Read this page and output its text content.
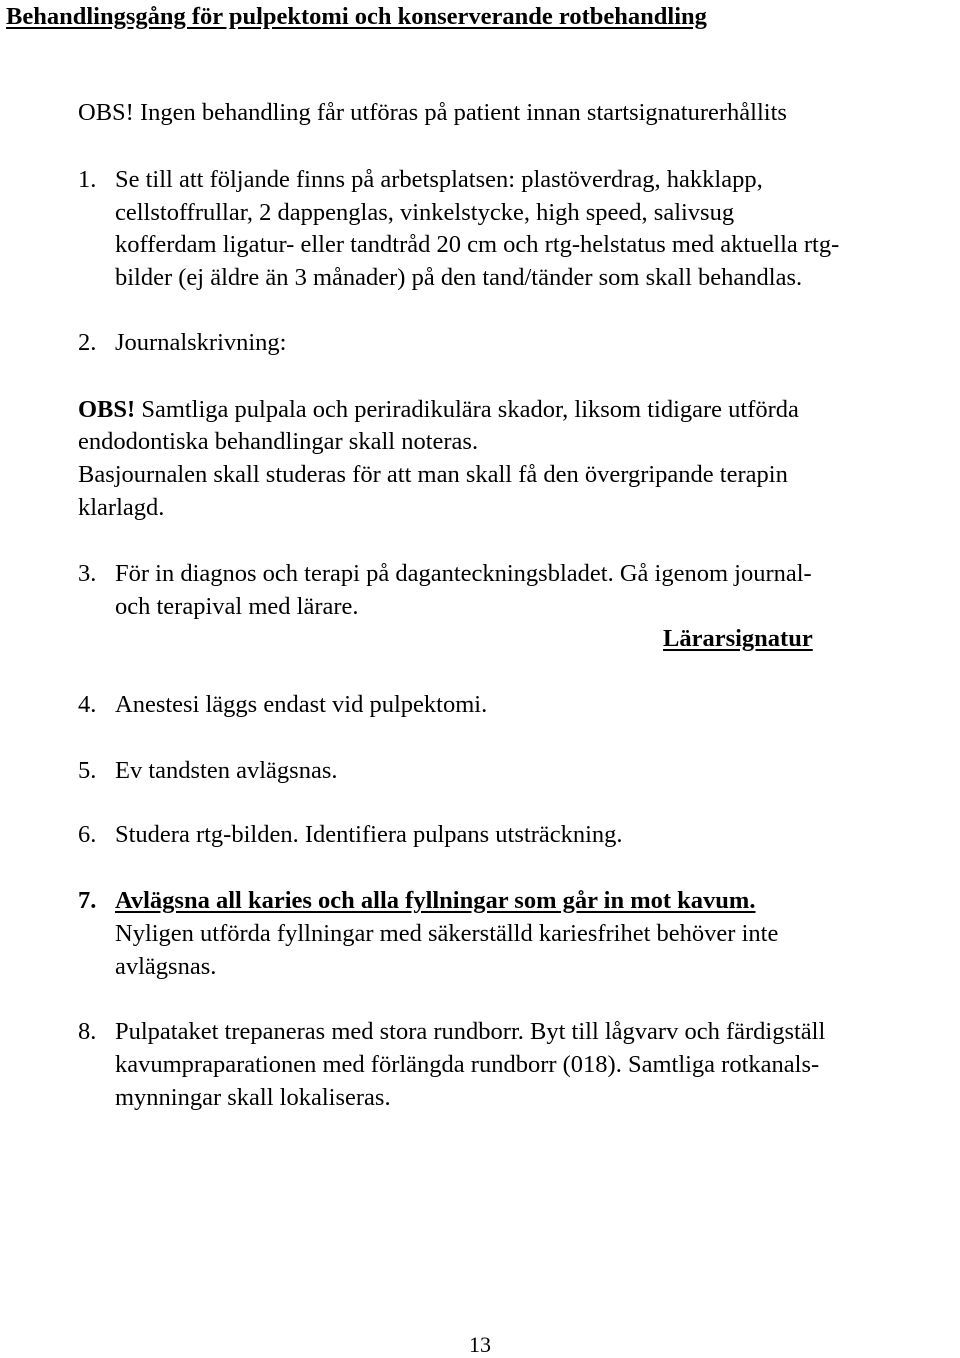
Behandlingsgång för pulpektomi och konserverande rotbehandling
OBS! Ingen behandling får utföras på patient innan startsignaturerhållits
1. Se till att följande finns på arbetsplatsen: plastöverdrag, hakklapp,
cellstoffrullar, 2 dappenglas, vinkelstycke, high speed, salivsug
kofferdam ligatur- eller tandtråd 20 cm och rtg-helstatus med aktuella rtg-
bilder (ej äldre än 3 månader) på den tand/tänder som skall behandlas.
2. Journalskrivning:
OBS! Samtliga pulpala och periradikulära skador, liksom tidigare utförda
endodontiska behandlingar skall noteras.
Basjournalen skall studeras för att man skall få den övergripande terapin
klarlagd.
3. För in diagnos och terapi på daganteckningsbladet. Gå igenom journal-
och terapival med lärare.
Lärarsignatur
4. Anestesi läggs endast vid pulpektomi.
5. Ev tandsten avlägsnas.
6. Studera rtg-bilden. Identifiera pulpans utsträckning.
7. Avlägsna all karies och alla fyllningar som går in mot kavum.
Nyligen utförda fyllningar med säkerställd kariesfrihet behöver inte
avlägsnas.
8. Pulpataket trepaneras med stora rundborr. Byt till lågvarv och färdigställ
kavumpraparationen med förlängda rundborr (018). Samtliga rotkanals-
mynningar skall lokaliseras.
13
